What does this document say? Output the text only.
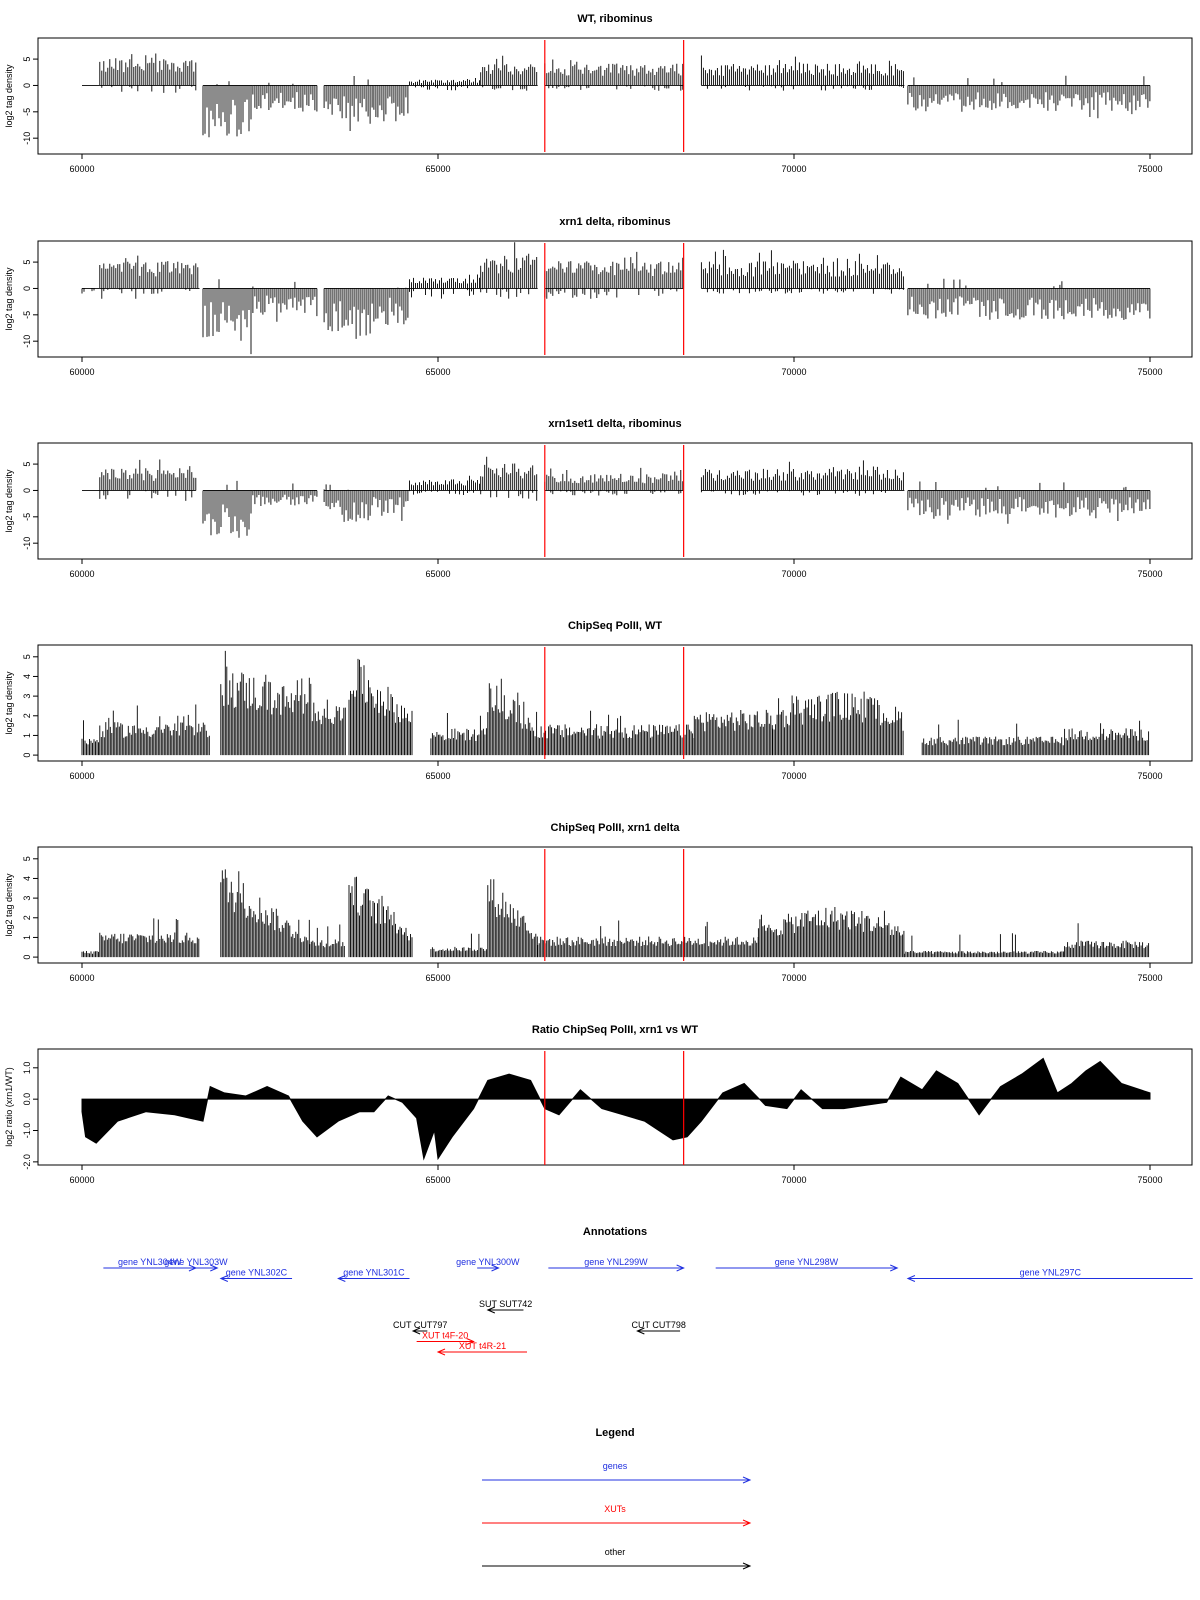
WT, ribominus
-10
-5
0
5
log2 tag density
60000	65000	70000	75000
xrn1 delta, ribominus
-10
-5
0
5
log2 tag density
60000	65000	70000	75000
xrn1set1 delta, ribominus
-10
-5
0
5
log2 tag density
60000	65000	70000	75000
ChipSeq PolII, WT
0
1
2
3
4
5
log2 tag density
60000	65000	70000	75000
ChipSeq PolII, xrn1 delta
0
1
2
3
4
5
log2 tag density
60000	65000	70000	75000
Ratio ChipSeq PolII, xrn1 vs WT
-2.0
-1.0
0.0
1.0
log2 ratio (xrn1/WT)
60000	65000	70000	75000
Annotations
gene YNL304W
gene YNL303W
gene YNL302C	gene YNL301C
gene YNL300W	gene YNL299W	gene YNL298W
gene YNL297C
SUT SUT742
CUT CUT797	CUT CUT798
XUT t4F-20
XUT t4R-21
Legend
genes
XUTs
other
